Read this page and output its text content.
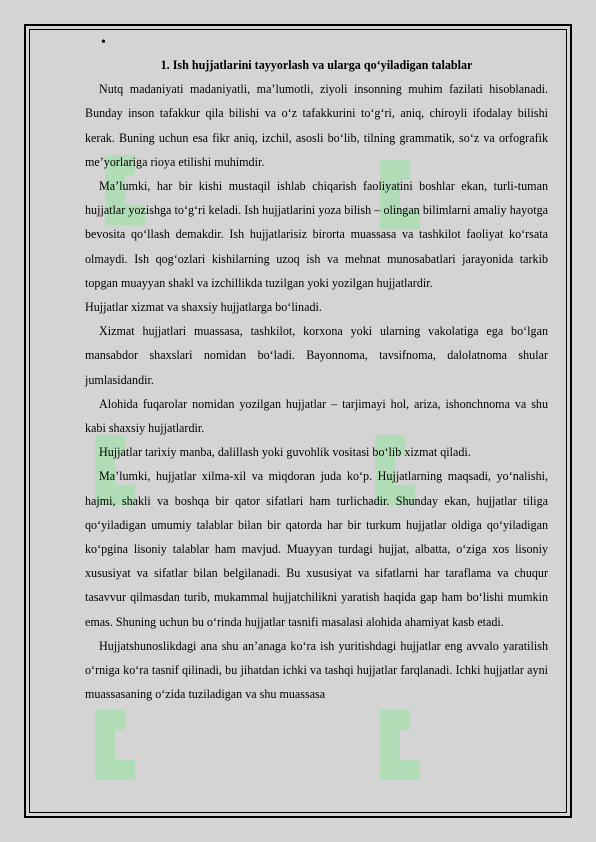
•
1. Ish hujjatlarini tayyorlash va ularga qo‘yiladigan talablar

Nutq madaniyati madaniyatli, ma’lumotli, ziyoli insonning muhim fazilati hisoblanadi. Bunday inson tafakkur qila bilishi va o‘z tafakkurini to‘g‘ri, aniq, chiroyli ifodalay bilishi kerak. Buning uchun esa fikr aniq, izchil, asosli bo‘lib, tilning grammatik, so‘z va orfografik me’yorlariga rioya etilishi muhimdir.

Ma’lumki, har bir kishi mustaqil ishlab chiqarish faoliyatini boshlar ekan, turli-tuman hujjatlar yozishga to‘g‘ri keladi. Ish hujjatlarini yoza bilish – olingan bilimlarni amaliy hayotga bevosita qo‘llash demakdir. Ish hujjatlarisiz birorta muassasa va tashkilot faoliyat ko‘rsata olmaydi. Ish qog‘ozlari kishilarning uzoq ish va mehnat munosabatlari jarayonida tarkib topgan muayyan shakl va izchillikda tuzilgan yoki yozilgan hujjatlardir.

Hujjatlar xizmat va shaxsiy hujjatlarga bo‘linadi.

Xizmat hujjatlari muassasa, tashkilot, korxona yoki ularning vakolatiga ega bo‘lgan mansabdor shaxslari nomidan bo‘ladi. Bayonnoma, tavsifnoma, dalolatnoma shular jumlasidandir.

Alohida fuqarolar nomidan yozilgan hujjatlar – tarjimayi hol, ariza, ishonchnoma va shu kabi shaxsiy hujjatlardir.

Hujjatlar tarixiy manba, dalillash yoki guvohlik vositasi bo‘lib xizmat qiladi.

Ma’lumki, hujjatlar xilma-xil va miqdoran juda ko‘p. Hujjatlarning maqsadi, yo‘nalishi, hajmi, shakli va boshqa bir qator sifatlari ham turlichadir. Shunday ekan, hujjatlar tiliga qo‘yiladigan umumiy talablar bilan bir qatorda har bir turkum hujjatlar oldiga qo‘yiladigan ko‘pgina lisoniy talablar ham mavjud. Muayyan turdagi hujjat, albatta, o‘ziga xos lisoniy xususiyat va sifatlar bilan belgilanadi. Bu xususiyat va sifatlarni har taraflama va chuqur tasavvur qilmasdan turib, mukammal hujjatchilikni yaratish haqida gap ham bo‘lishi mumkin emas. Shuning uchun bu o‘rinda hujjatlar tasnifi masalasi alohida ahamiyat kasb etadi.

Hujjatshunoslikdagi ana shu an’anaga ko‘ra ish yuritishdagi hujjatlar eng avvalo yaratilish o‘rniga ko‘ra tasnif qilinadi, bu jihatdan ichki va tashqi hujjatlar farqlanadi. Ichki hujjatlar ayni muassasaning o‘zida tuziladigan va shu muassasa
